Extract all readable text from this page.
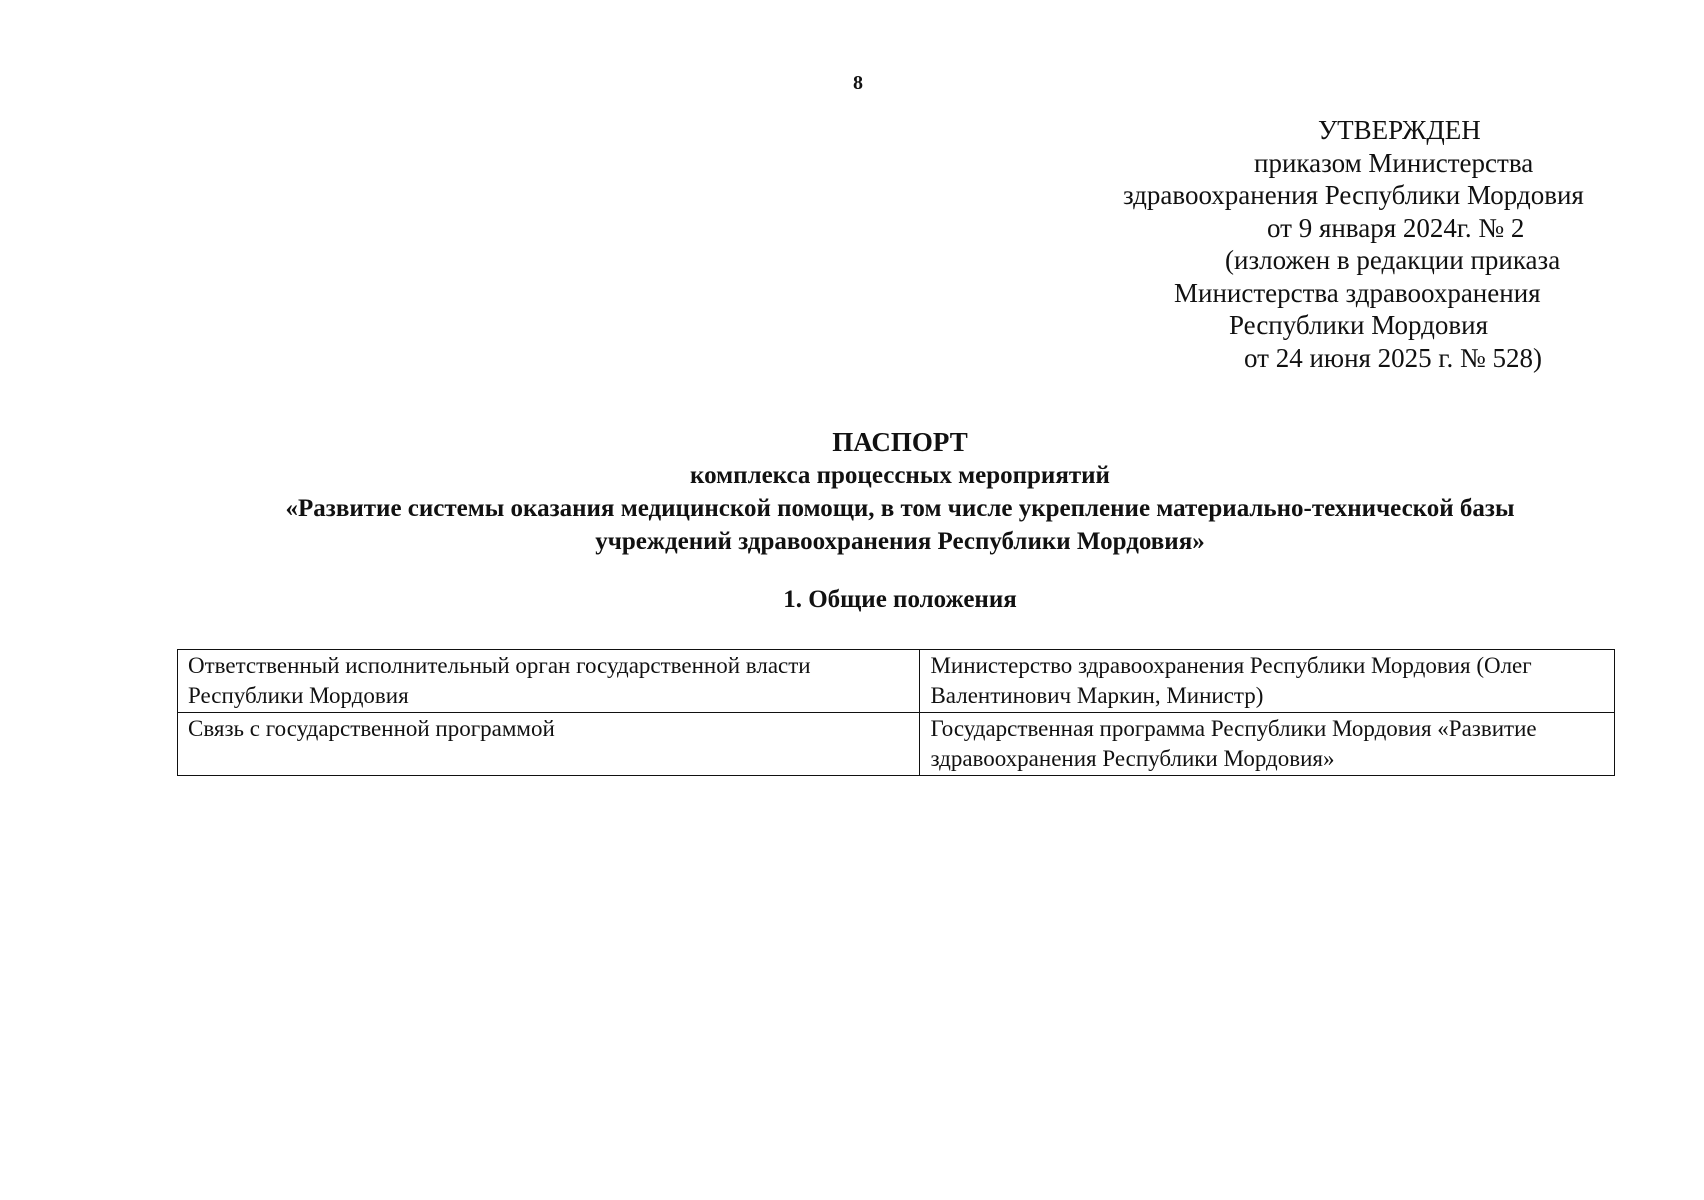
8
УТВЕРЖДЕН
приказом Министерства
здравоохранения Республики Мордовия
от 9 января 2024г. № 2
(изложен в редакции приказа
Министерства здравоохранения
Республики Мордовия
от 24 июня 2025 г. № 528)
ПАСПОРТ
комплекса процессных мероприятий
«Развитие системы оказания медицинской помощи, в том числе укрепление материально-технической базы
учреждений здравоохранения Республики Мордовия»
1. Общие положения
Ответственный исполнительный орган государственной власти Республики Мордовия	Министерство здравоохранения Республики Мордовия (Олег Валентинович Маркин, Министр)
Связь с государственной программой	Государственная программа Республики Мордовия «Развитие здравоохранения Республики Мордовия»
